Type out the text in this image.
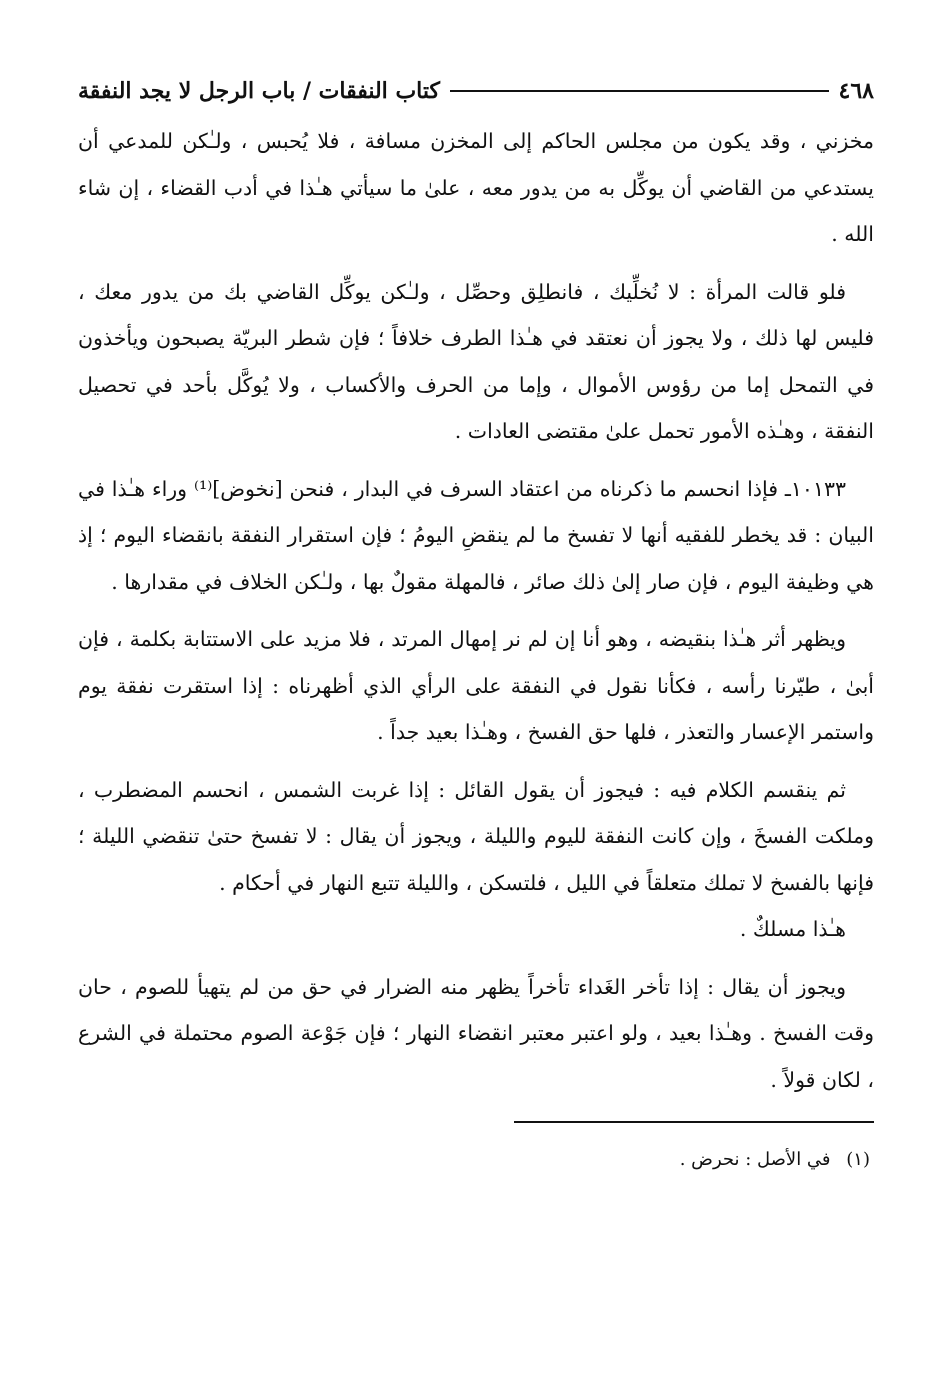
٤٦٨
كتاب النفقات / باب الرجل لا يجد النفقة

مخزني ، وقد يكون من مجلس الحاكم إلى المخزن مسافة ، فلا يُحبس ، ولـٰكن للمدعي أن يستدعي من القاضي أن يوكِّل به من يدور معه ، علىٰ ما سيأتي هـٰذا في أدب القضاء ، إن شاء الله .

فلو قالت المرأة : لا نُخلِّيك ، فانطلِق وحصِّل ، ولـٰكن يوكِّل القاضي بك من يدور معك ، فليس لها ذلك ، ولا يجوز أن نعتقد في هـٰذا الطرف خلافاً ؛ فإن شطر البريّة يصبحون ويأخذون في التمحل إما من رؤوس الأموال ، وإما من الحرف والأكساب ، ولا يُوكَّل بأحد في تحصيل النفقة ، وهـٰذه الأمور تحمل علىٰ مقتضى العادات .

١٠١٣٣ـ فإذا انحسم ما ذكرناه من اعتقاد السرف في البدار ، فنحن [نخوض]⁽¹⁾ وراء هـٰذا في البيان : قد يخطر للفقيه أنها لا تفسخ ما لم ينقضِ اليومُ ؛ فإن استقرار النفقة بانقضاء اليوم ؛ إذ هي وظيفة اليوم ، فإن صار إلىٰ ذلك صائر ، فالمهلة مقولٌ بها ، ولـٰكن الخلاف في مقدارها .

ويظهر أثر هـٰذا بنقيضه ، وهو أنا إن لم نر إمهال المرتد ، فلا مزيد على الاستتابة بكلمة ، فإن أبىٰ ، طيّرنا رأسه ، فكأنا نقول في النفقة على الرأي الذي أظهرناه : إذا استقرت نفقة يوم واستمر الإعسار والتعذر ، فلها حق الفسخ ، وهـٰذا بعيد جداً .

ثم ينقسم الكلام فيه : فيجوز أن يقول القائل : إذا غربت الشمس ، انحسم المضطرب ، وملكت الفسخَ ، وإن كانت النفقة لليوم والليلة ، ويجوز أن يقال : لا تفسخ حتىٰ تنقضي الليلة ؛ فإنها بالفسخ لا تملك متعلقاً في الليل ، فلتسكن ، والليلة تتبع النهار في أحكام .

هـٰذا مسلكٌ .

ويجوز أن يقال : إذا تأخر الغَداء تأخراً يظهر منه الضرار في حق من لم يتهيأ للصوم ، حان وقت الفسخ . وهـٰذا بعيد ، ولو اعتبر معتبر انقضاء النهار ؛ فإن جَوْعة الصوم محتملة في الشرع ، لكان قولاً .

(١) في الأصل : نحرض .
